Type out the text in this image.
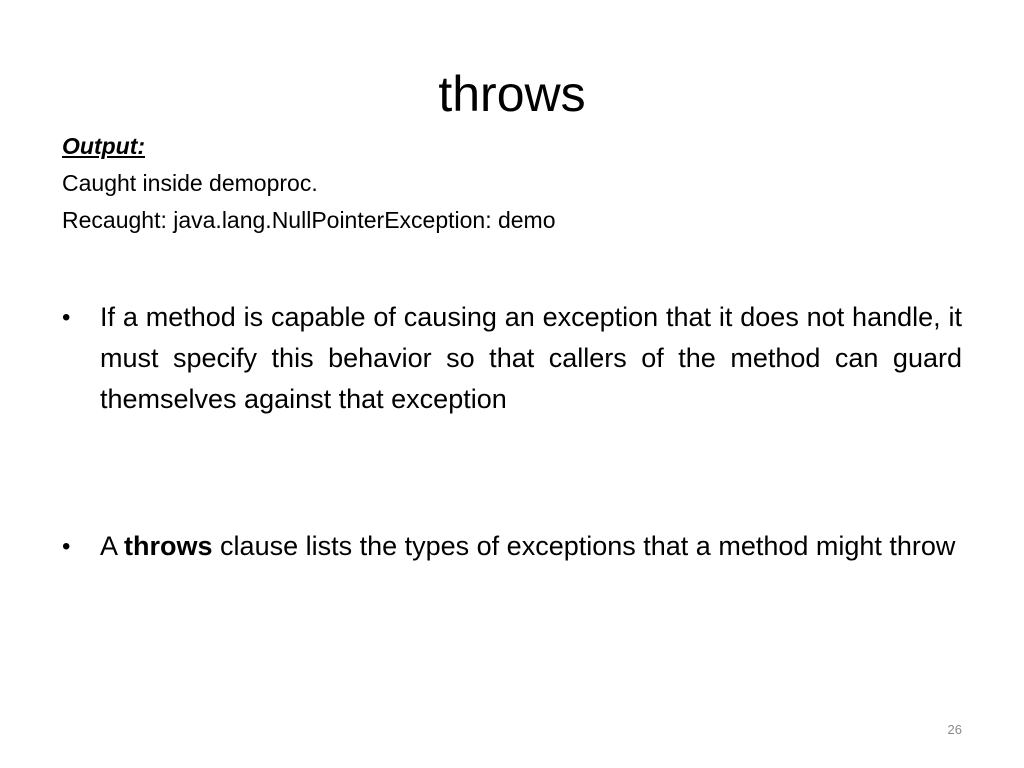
throws
Output:
Caught inside demoproc.
Recaught: java.lang.NullPointerException: demo
•	If a method is capable of causing an exception that it does not handle, it must specify this behavior so that callers of the method can guard themselves against that exception
•	A throws clause lists the types of exceptions that a method might throw
26
